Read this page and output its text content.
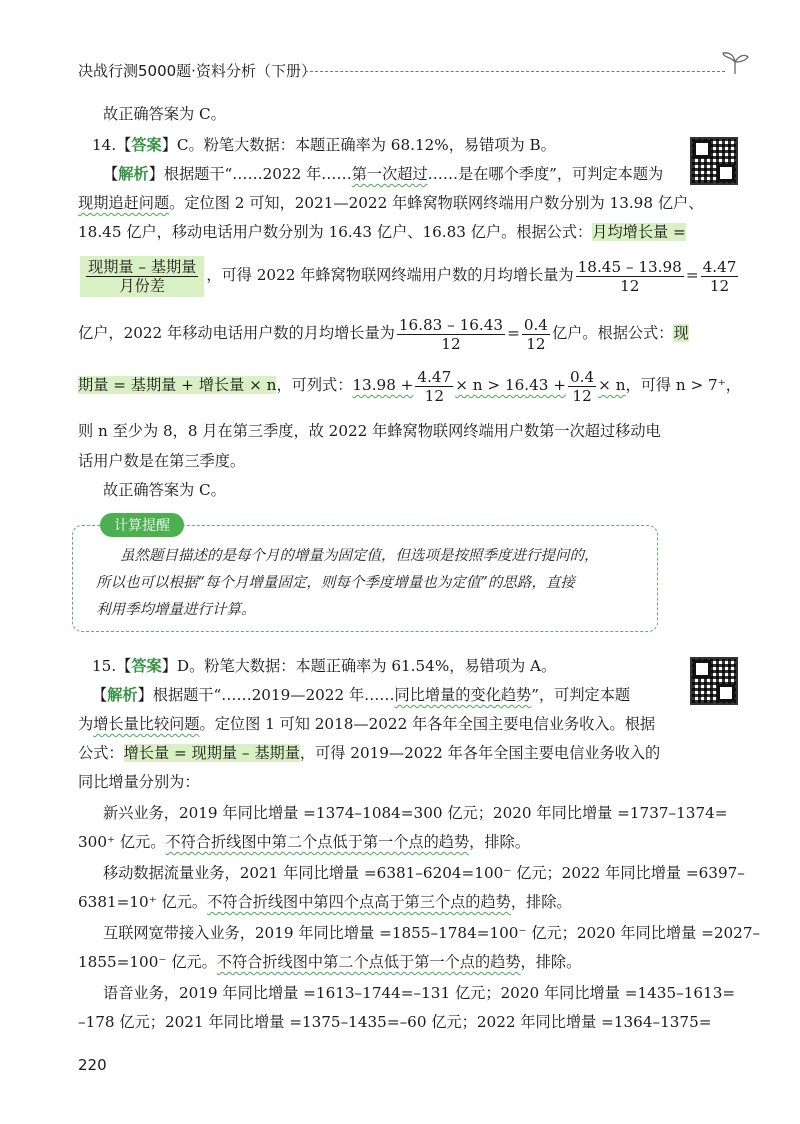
决战行测5000题·资料分析（下册）
故正确答案为 C。
14.【答案】C。粉笔大数据：本题正确率为 68.12%，易错项为 B。
【解析】根据题干“……2022 年……第一次超过……是在哪个季度”，可判定本题为
现期追赶问题。定位图 2 可知，2021—2022 年蜂窝物联网终端用户数分别为 13.98 亿户、
18.45 亿户，移动电话用户数分别为 16.43 亿户、16.83 亿户。根据公式：月均增长量 =
$\frac{\text{现期量 – 基期量}}{\text{月份差}}$ ，可得 2022 年蜂窝物联网终端用户数的月均增长量为 $\frac{18.45 - 13.98}{12} = \frac{4.47}{12}$
亿户，2022 年移动电话用户数的月均增长量为 $\frac{16.83 - 16.43}{12} = \frac{0.4}{12}$ 亿户。根据公式：现
期量 = 基期量 + 增长量 × n，可列式：$13.98 + \frac{4.47}{12} \times n > 16.43 + \frac{0.4}{12} \times n$，可得 n > 7⁺，
则 n 至少为 8，8 月在第三季度，故 2022 年蜂窝物联网终端用户数第一次超过移动电
话用户数是在第三季度。
故正确答案为 C。
计算提醒
虽然题目描述的是每个月的增量为固定值，但选项是按照季度进行提问的，
所以也可以根据“每个月增量固定，则每个季度增量也为定值”的思路，直接
利用季均增量进行计算。
15.【答案】D。粉笔大数据：本题正确率为 61.54%，易错项为 A。
【解析】根据题干“……2019—2022 年……同比增量的变化趋势”，可判定本题
为增长量比较问题。定位图 1 可知 2018—2022 年各年全国主要电信业务收入。根据
公式：增长量 = 现期量 – 基期量，可得 2019—2022 年各年全国主要电信业务收入的
同比增量分别为：
新兴业务，2019 年同比增量 =1374–1084=300 亿元；2020 年同比增量 =1737–1374=
300⁺ 亿元。不符合折线图中第二个点低于第一个点的趋势，排除。
移动数据流量业务，2021 年同比增量 =6381–6204=100⁻ 亿元；2022 年同比增量 =6397–
6381=10⁺ 亿元。不符合折线图中第四个点高于第三个点的趋势，排除。
互联网宽带接入业务，2019 年同比增量 =1855–1784=100⁻ 亿元；2020 年同比增量 =2027–
1855=100⁻ 亿元。不符合折线图中第二个点低于第一个点的趋势，排除。
语音业务，2019 年同比增量 =1613–1744=–131 亿元；2020 年同比增量 =1435–1613=
–178 亿元；2021 年同比增量 =1375–1435=–60 亿元；2022 年同比增量 =1364–1375=
220
